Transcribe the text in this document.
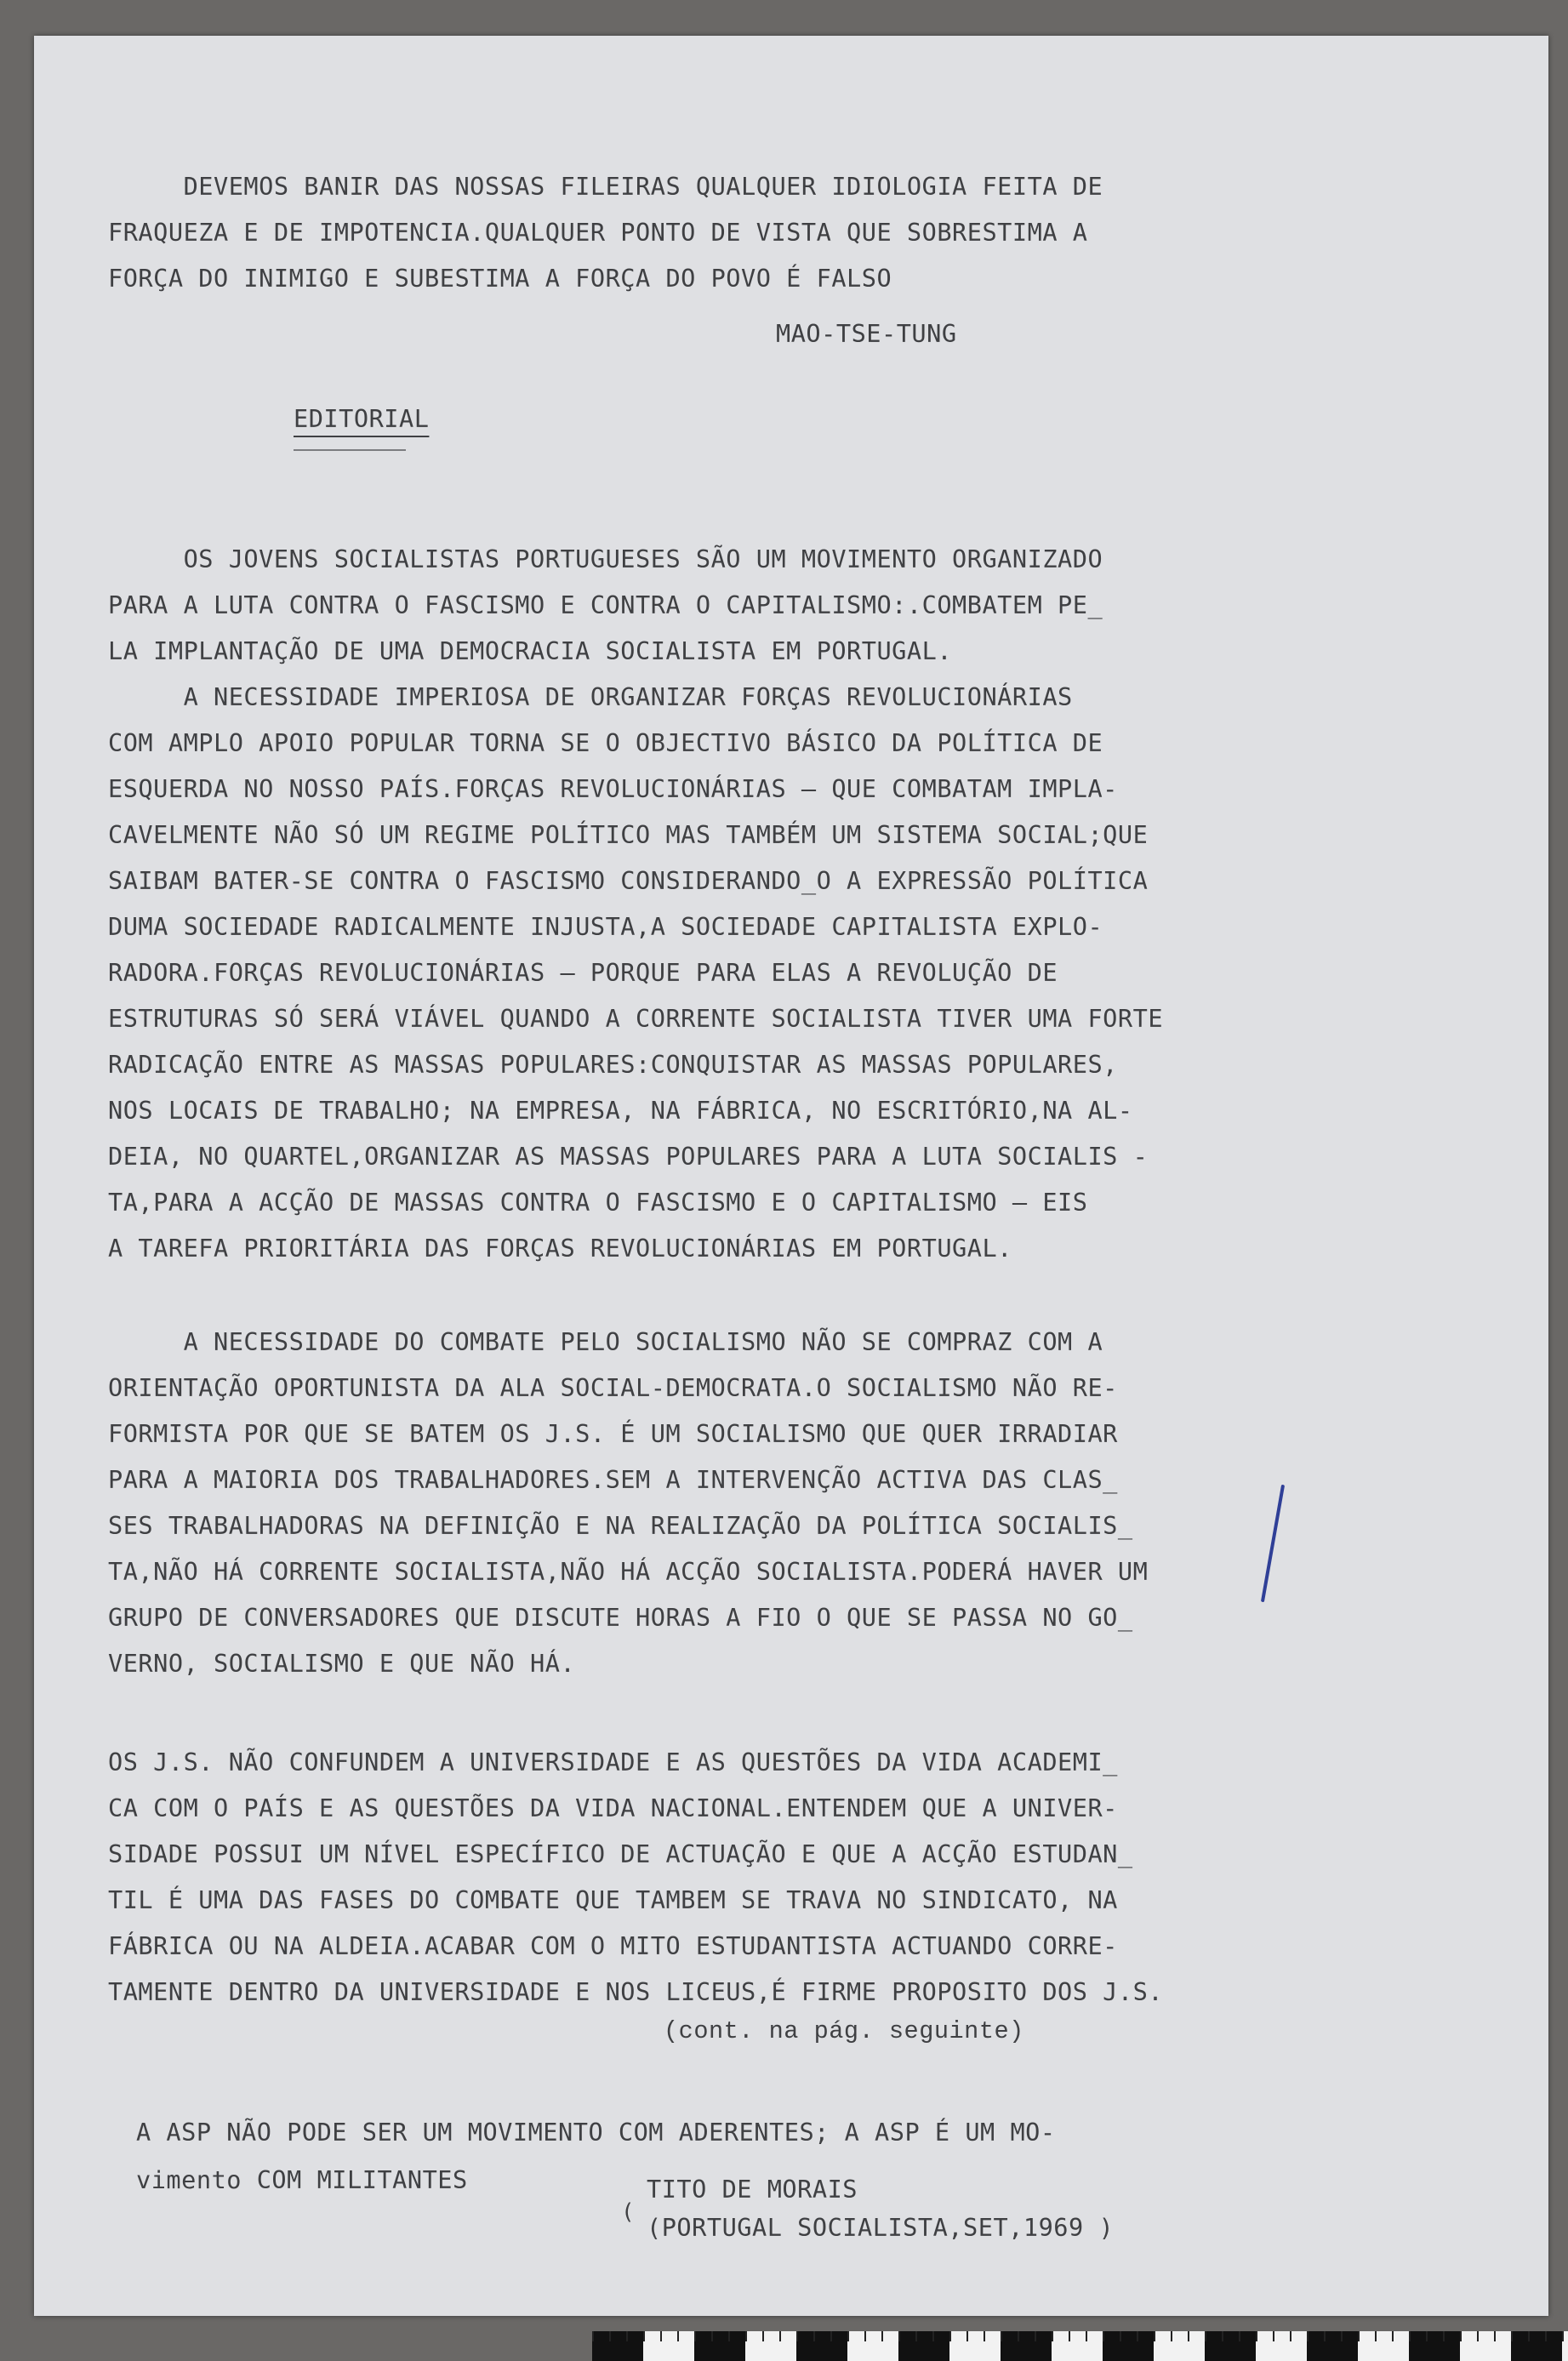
DEVEMOS BANIR DAS NOSSAS FILEIRAS QUALQUER IDIOLOGIA FEITA DE
FRAQUEZA E DE IMPOTENCIA.QUALQUER PONTO DE VISTA QUE SOBRESTIMA A
FORÇA DO INIMIGO E SUBESTIMA A FORÇA DO POVO É FALSO
MAO-TSE-TUNG
EDITORIAL
OS JOVENS SOCIALISTAS PORTUGUESES SÃO UM MOVIMENTO ORGANIZADO
PARA A LUTA CONTRA O FASCISMO E CONTRA O CAPITALISMO:.COMBATEM PE_
LA IMPLANTAÇÃO DE UMA DEMOCRACIA SOCIALISTA EM PORTUGAL.
A NECESSIDADE IMPERIOSA DE ORGANIZAR FORÇAS REVOLUCIONÁRIAS
COM AMPLO APOIO POPULAR TORNA SE O OBJECTIVO BÁSICO DA POLÍTICA DE
ESQUERDA NO NOSSO PAÍS.FORÇAS REVOLUCIONÁRIAS — QUE COMBATAM IMPLA-
CAVELMENTE NÃO SÓ UM REGIME POLÍTICO MAS TAMBÉM UM SISTEMA SOCIAL;QUE
SAIBAM BATER-SE CONTRA O FASCISMO CONSIDERANDO_O A EXPRESSÃO POLÍTICA
DUMA SOCIEDADE RADICALMENTE INJUSTA,A SOCIEDADE CAPITALISTA EXPLO-
RADORA.FORÇAS REVOLUCIONÁRIAS — PORQUE PARA ELAS A REVOLUÇÃO DE
ESTRUTURAS SÓ SERÁ VIÁVEL QUANDO A CORRENTE SOCIALISTA TIVER UMA FORTE
RADICAÇÃO ENTRE AS MASSAS POPULARES:CONQUISTAR AS MASSAS POPULARES,
NOS LOCAIS DE TRABALHO; NA EMPRESA, NA FÁBRICA, NO ESCRITÓRIO,NA AL-
DEIA, NO QUARTEL,ORGANIZAR AS MASSAS POPULARES PARA A LUTA SOCIALIS -
TA,PARA A ACÇÃO DE MASSAS CONTRA O FASCISMO E O CAPITALISMO — EIS
A TAREFA PRIORITÁRIA DAS FORÇAS REVOLUCIONÁRIAS EM PORTUGAL.
A NECESSIDADE DO COMBATE PELO SOCIALISMO NÃO SE COMPRAZ COM A
ORIENTAÇÃO OPORTUNISTA DA ALA SOCIAL-DEMOCRATA.O SOCIALISMO NÃO RE-
FORMISTA POR QUE SE BATEM OS J.S. É UM SOCIALISMO QUE QUER IRRADIAR
PARA A MAIORIA DOS TRABALHADORES.SEM A INTERVENÇÃO ACTIVA DAS CLAS_
SES TRABALHADORAS NA DEFINIÇÃO E NA REALIZAÇÃO DA POLÍTICA SOCIALIS_
TA,NÃO HÁ CORRENTE SOCIALISTA,NÃO HÁ ACÇÃO SOCIALISTA.PODERÁ HAVER UM
GRUPO DE CONVERSADORES QUE DISCUTE HORAS A FIO O QUE SE PASSA NO GO_
VERNO, SOCIALISMO E QUE NÃO HÁ.
OS J.S. NÃO CONFUNDEM A UNIVERSIDADE E AS QUESTÕES DA VIDA ACADEMI_
CA COM O PAÍS E AS QUESTÕES DA VIDA NACIONAL.ENTENDEM QUE A UNIVER-
SIDADE POSSUI UM NÍVEL ESPECÍFICO DE ACTUAÇÃO E QUE A ACÇÃO ESTUDAN_
TIL É UMA DAS FASES DO COMBATE QUE TAMBEM SE TRAVA NO SINDICATO, NA
FÁBRICA OU NA ALDEIA.ACABAR COM O MITO ESTUDANTISTA ACTUANDO CORRE-
TAMENTE DENTRO DA UNIVERSIDADE E NOS LICEUS,É FIRME PROPOSITO DOS J.S.
(cont. na pág. seguinte)
A ASP NÃO PODE SER UM MOVIMENTO COM ADERENTES; A ASP É UM MO-
vimento COM MILITANTES
(
TITO DE MORAIS
(PORTUGAL SOCIALISTA,SET,1969 )
